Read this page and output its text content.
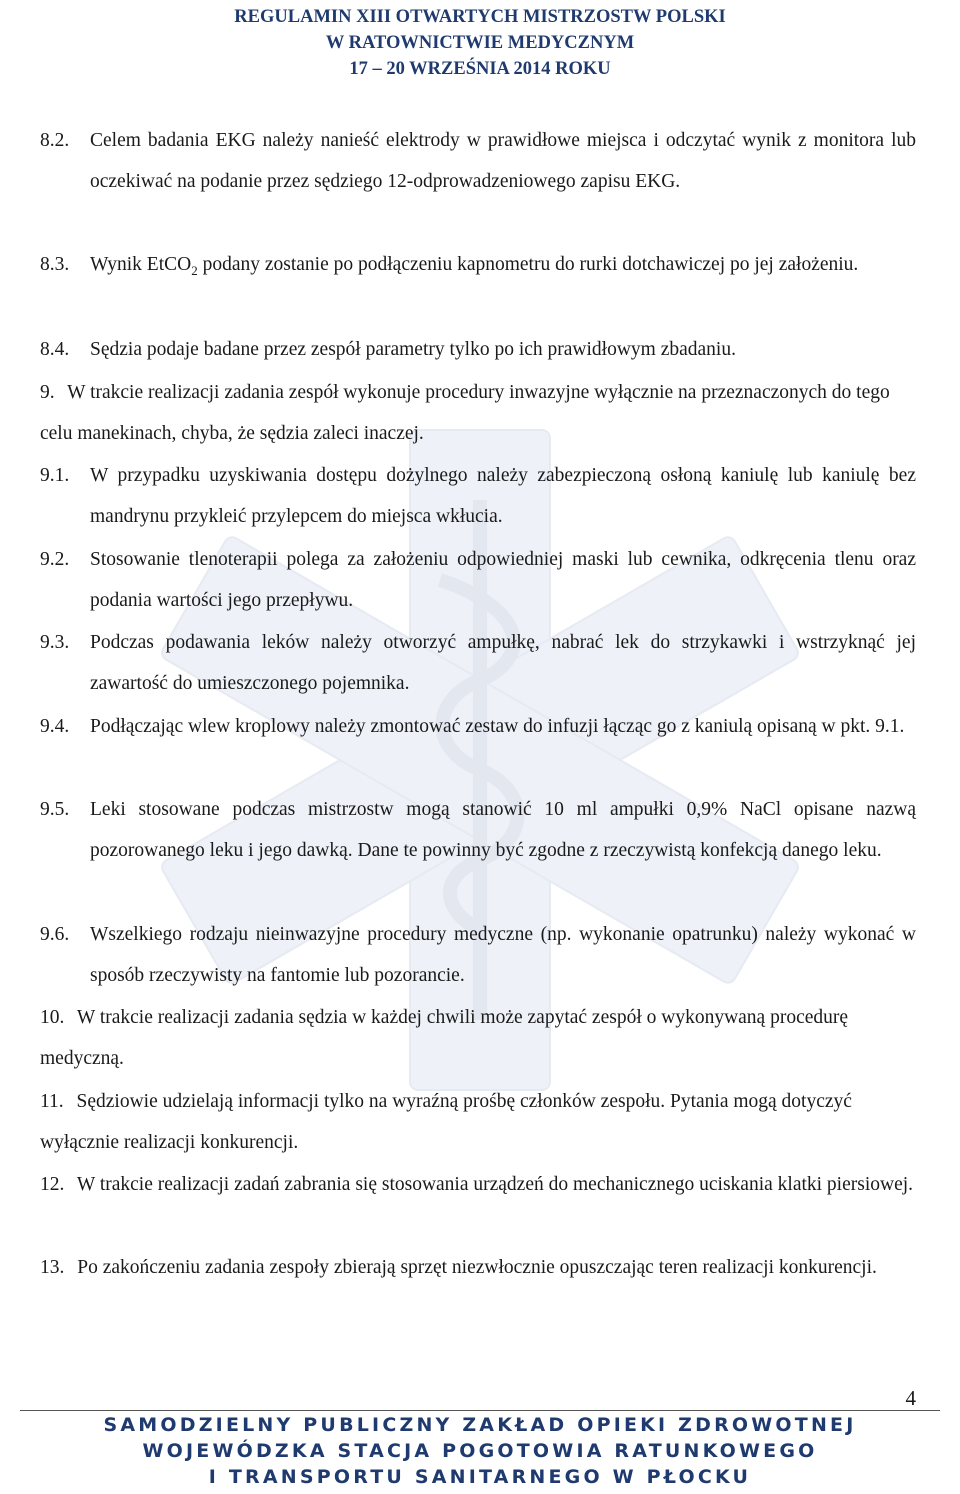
REGULAMIN XIII OTWARTYCH MISTRZOSTW POLSKI
W RATOWNICTWIE MEDYCZNYM
17 – 20 WRZEŚNIA 2014 ROKU
8.2.	Celem badania EKG należy nanieść elektrody w prawidłowe miejsca i odczytać wynik z monitora lub oczekiwać na podanie przez sędziego 12-odprowadzeniowego zapisu EKG.
8.3.	Wynik EtCO$_2$ podany zostanie po podłączeniu kapnometru do rurki dotchawiczej po jej założeniu.
8.4.	Sędzia podaje badane przez zespół parametry tylko po ich prawidłowym zbadaniu.
9. W trakcie realizacji zadania zespół wykonuje procedury inwazyjne wyłącznie na przeznaczonych do tego celu manekinach, chyba, że sędzia zaleci inaczej.
9.1.	W przypadku uzyskiwania dostępu dożylnego należy zabezpieczoną osłoną kaniulę lub kaniulę bez mandrynu przykleić przylepcem do miejsca wkłucia.
9.2.	Stosowanie tlenoterapii polega za założeniu odpowiedniej maski lub cewnika, odkręcenia tlenu oraz podania wartości jego przepływu.
9.3.	Podczas podawania leków należy otworzyć ampułkę, nabrać lek do strzykawki i wstrzyknąć jej zawartość do umieszczonego pojemnika.
9.4.	Podłączając wlew kroplowy należy zmontować zestaw do infuzji łącząc go z kaniulą opisaną w pkt. 9.1.
9.5.	Leki stosowane podczas mistrzostw mogą stanowić 10 ml ampułki 0,9% NaCl opisane nazwą pozorowanego leku i jego dawką. Dane te powinny być zgodne z rzeczywistą konfekcją danego leku.
9.6.	Wszelkiego rodzaju nieinwazyjne procedury medyczne (np. wykonanie opatrunku) należy wykonać w sposób rzeczywisty na fantomie lub pozorancie.
10. W trakcie realizacji zadania sędzia w każdej chwili może zapytać zespół o wykonywaną procedurę medyczną.
11. Sędziowie udzielają informacji tylko na wyraźną prośbę członków zespołu. Pytania mogą dotyczyć wyłącznie realizacji konkurencji.
12. W trakcie realizacji zadań zabrania się stosowania urządzeń do mechanicznego uciskania klatki piersiowej.
13. Po zakończeniu zadania zespoły zbierają sprzęt niezwłocznie opuszczając teren realizacji konkurencji.
4
SAMODZIELNY PUBLICZNY ZAKŁAD OPIEKI ZDROWOTNEJ
WOJEWÓDZKA STACJA POGOTOWIA RATUNKOWEGO
I TRANSPORTU SANITARNEGO W PŁOCKU
